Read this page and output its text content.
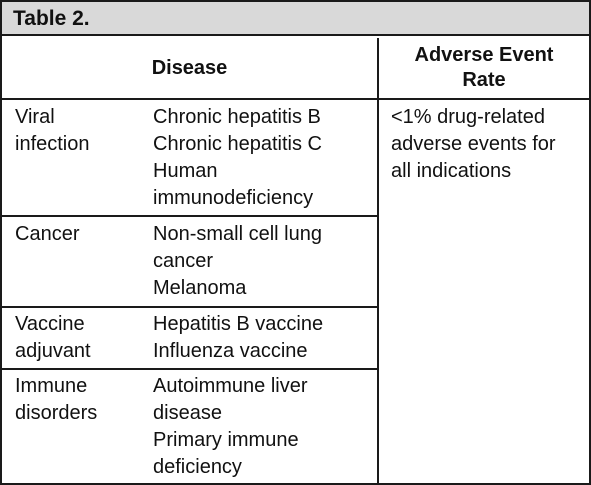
Table 2.
Disease
Adverse Event
Rate
Viral
infection
Chronic hepatitis B
Chronic hepatitis C
Human
immunodeficiency
Cancer	Non-small cell lung
cancer
Melanoma
Vaccine
adjuvant
Hepatitis B vaccine
Influenza vaccine
Immune
disorders
Autoimmune liver
disease
Primary immune
deficiency
<1% drug-related
adverse events for
all indications
